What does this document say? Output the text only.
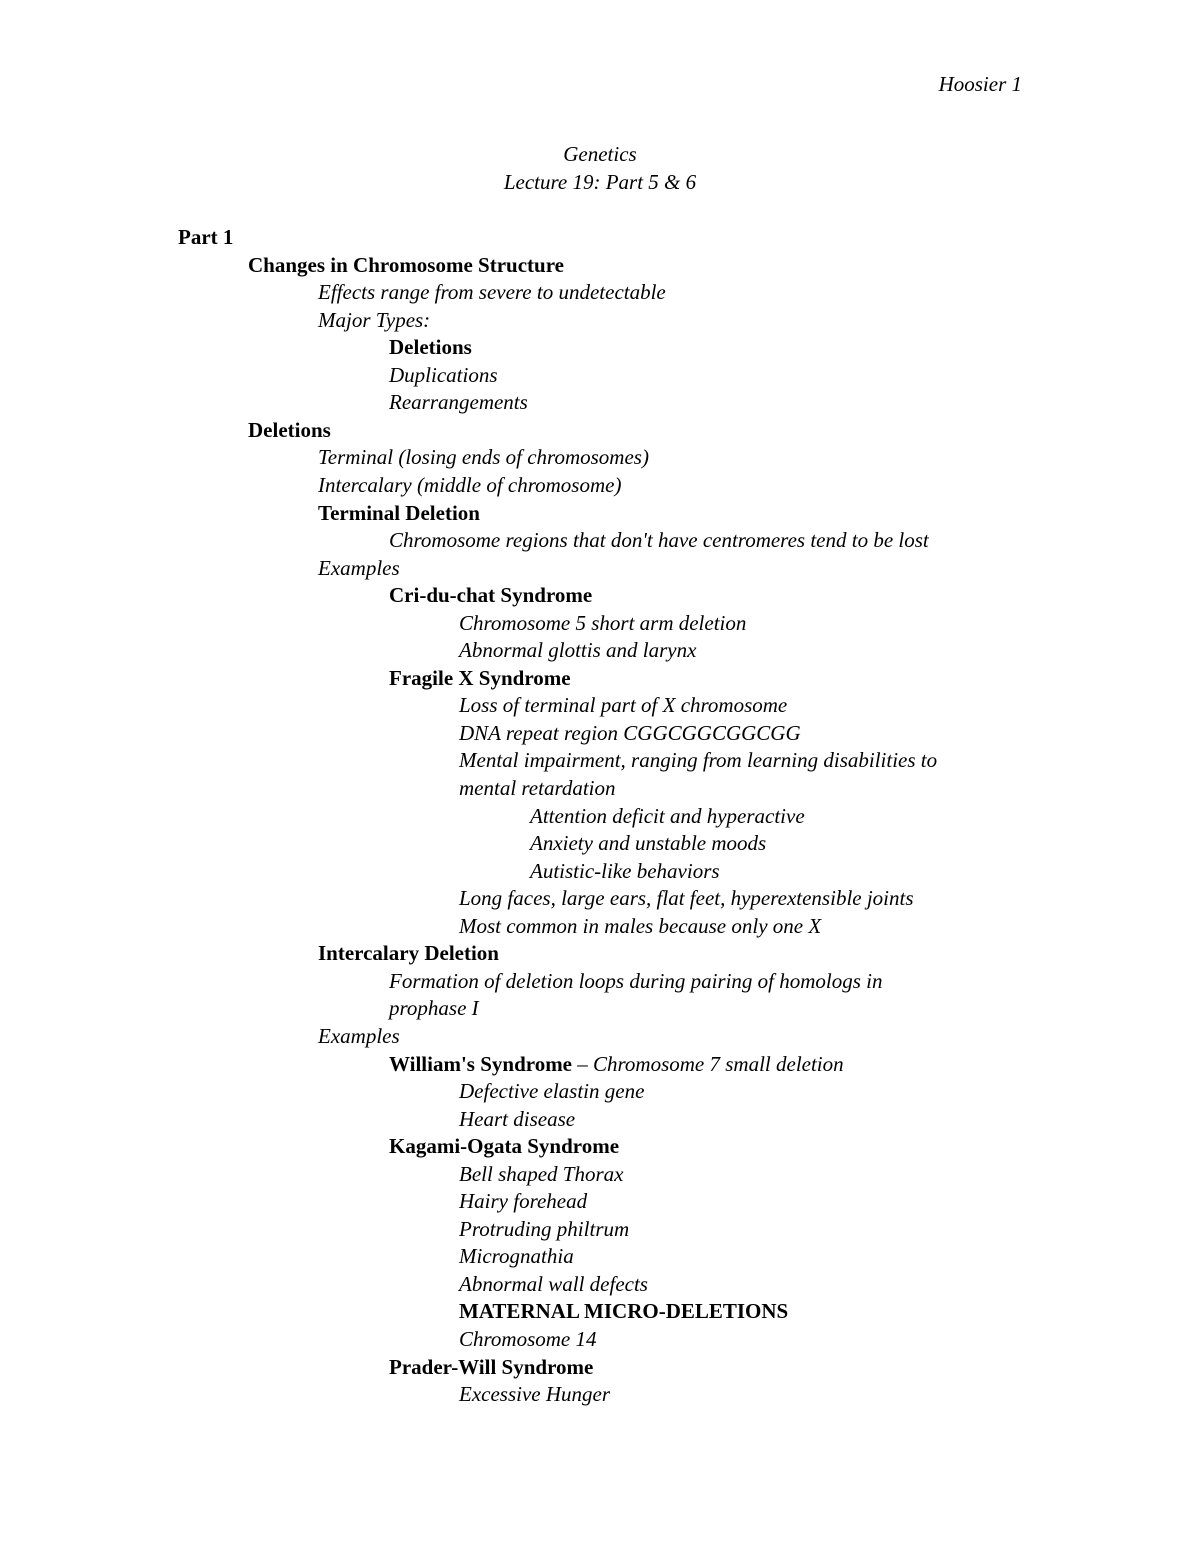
Hoosier 1
Genetics
Lecture 19: Part 5 & 6
Part 1
Changes in Chromosome Structure
Effects range from severe to undetectable
Major Types:
Deletions
Duplications
Rearrangements
Deletions
Terminal (losing ends of chromosomes)
Intercalary (middle of chromosome)
Terminal Deletion
Chromosome regions that don't have centromeres tend to be lost
Examples
Cri-du-chat Syndrome
Chromosome 5 short arm deletion
Abnormal glottis and larynx
Fragile X Syndrome
Loss of terminal part of X chromosome
DNA repeat region CGGCGGCGGCGG
Mental impairment, ranging from learning disabilities to
mental retardation
Attention deficit and hyperactive
Anxiety and unstable moods
Autistic-like behaviors
Long faces, large ears, flat feet, hyperextensible joints
Most common in males because only one X
Intercalary Deletion
Formation of deletion loops during pairing of homologs in
prophase I
Examples
William's Syndrome – Chromosome 7 small deletion
Defective elastin gene
Heart disease
Kagami-Ogata Syndrome
Bell shaped Thorax
Hairy forehead
Protruding philtrum
Micrognathia
Abnormal wall defects
MATERNAL MICRO-DELETIONS
Chromosome 14
Prader-Will Syndrome
Excessive Hunger
